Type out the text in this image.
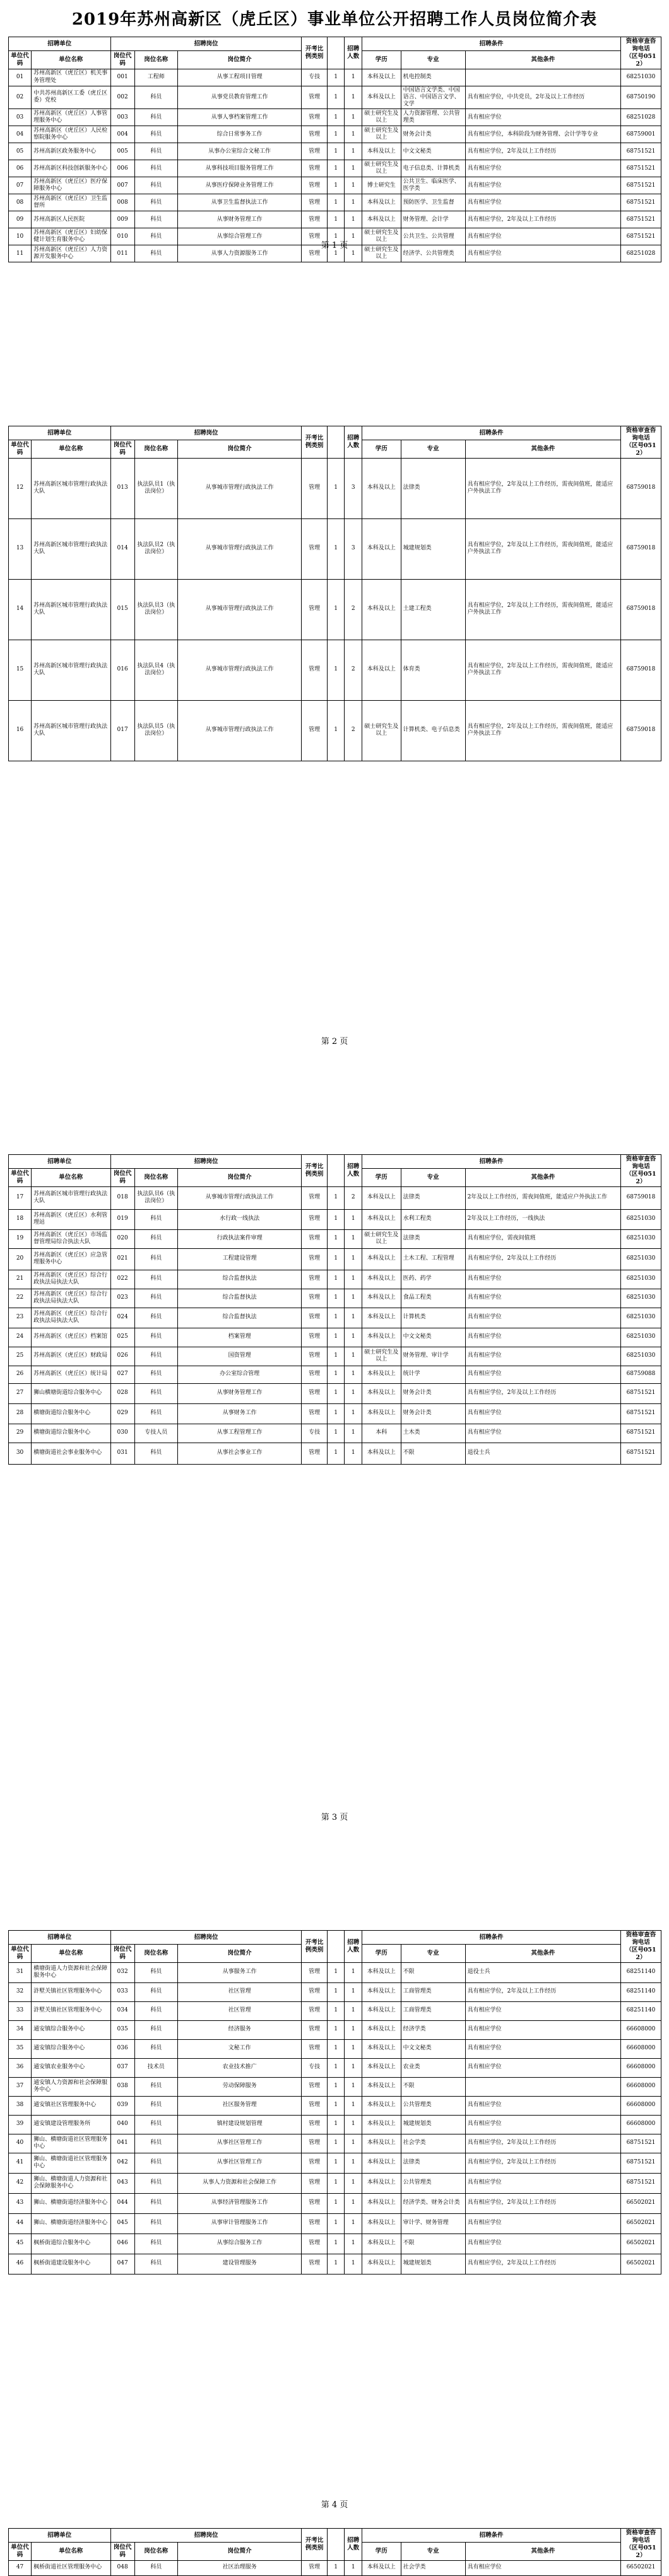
2019年苏州高新区（虎丘区）事业单位公开招聘工作人员岗位简介表
招聘单位		招聘岗位			开考比例类别		招聘人数	招聘条件			资格审查咨询电话
（区号0512）

单位代码	单位名称	岗位代码	岗位名称	岗位简介				学历	专业	其他条件	
01	苏州高新区（虎丘区）机关事务管理处	001	工程师	从事工程项目管理	专技	1	1	本科及以上	机电控制类		68251030
02	中共苏州高新区工委（虎丘区委）党校	002	科员	从事党员教育管理工作	管理	1	1	本科及以上	中国语言文学类、中国语言、中国语言文学、文学	具有相应学位，中共党员，2年及以上工作经历	68750190
03	苏州高新区（虎丘区）人事管理服务中心	003	科员	从事人事档案管理工作	管理	1	1	硕士研究生及以上	人力资源管理、公共管理类	具有相应学位	68251028
04	苏州高新区（虎丘区）人民检察院服务中心	004	科员	综合日常事务工作	管理	1	1	硕士研究生及以上	财务会计类	具有相应学位，本科阶段为财务管理、会计学等专业	68759001
05	苏州高新区政务服务中心	005	科员	从事办公室综合文秘工作	管理	1	1	本科及以上	中文文秘类	具有相应学位，2年及以上工作经历	68751521
06	苏州高新区科技创新服务中心	006	科员	从事科技项目服务管理工作	管理	1	1	硕士研究生及以上	电子信息类、计算机类	具有相应学位	68751521
07	苏州高新区（虎丘区）医疗保障服务中心	007	科员	从事医疗保障业务管理工作	管理	1	1	博士研究生	公共卫生、临床医学、医学类	具有相应学位	68751521
08	苏州高新区（虎丘区）卫生监督所	008	科员	从事卫生监督执法工作	管理	1	1	本科及以上	预防医学、卫生监督	具有相应学位	68751521
09	苏州高新区人民医院	009	科员	从事财务管理工作	管理	1	1	本科及以上	财务管理、会计学	具有相应学位，2年及以上工作经历	68751521
10	苏州高新区（虎丘区）妇幼保健计划生育服务中心	010	科员	从事综合管理工作	管理	1	1	硕士研究生及以上	公共卫生、公共管理	具有相应学位	68751521
11	苏州高新区（虎丘区）人力资源开发服务中心	011	科员	从事人力资源服务工作	管理	1	1	硕士研究生及以上	经济学、公共管理类	具有相应学位	68251028
第 1 页
招聘单位		招聘岗位			开考比例类别		招聘人数	招聘条件			资格审查咨询电话
（区号0512）

单位代码	单位名称	岗位代码	岗位名称	岗位简介				学历	专业	其他条件	
12	苏州高新区城市管理行政执法大队	013	执法队员1（执法岗位）	从事城市管理行政执法工作	管理	1	3	本科及以上	法律类	具有相应学位，2年及以上工作经历，需夜间值班，能适应户外执法工作	68759018
13	苏州高新区城市管理行政执法大队	014	执法队员2（执法岗位）	从事城市管理行政执法工作	管理	1	3	本科及以上	城建规划类	具有相应学位，2年及以上工作经历，需夜间值班，能适应户外执法工作	68759018
14	苏州高新区城市管理行政执法大队	015	执法队员3（执法岗位）	从事城市管理行政执法工作	管理	1	2	本科及以上	土建工程类	具有相应学位，2年及以上工作经历，需夜间值班，能适应户外执法工作	68759018
15	苏州高新区城市管理行政执法大队	016	执法队员4（执法岗位）	从事城市管理行政执法工作	管理	1	2	本科及以上	体育类	具有相应学位，2年及以上工作经历，需夜间值班，能适应户外执法工作	68759018
16	苏州高新区城市管理行政执法大队	017	执法队员5（执法岗位）	从事城市管理行政执法工作	管理	1	2	硕士研究生及以上	计算机类、电子信息类	具有相应学位，2年及以上工作经历，需夜间值班，能适应户外执法工作	68759018
第 2 页
招聘单位		招聘岗位			开考比例类别		招聘人数	招聘条件			资格审查咨询电话
（区号0512）

单位代码	单位名称	岗位代码	岗位名称	岗位简介				学历	专业	其他条件	
17	苏州高新区城市管理行政执法大队	018	执法队员6（执法岗位）	从事城市管理行政执法工作	管理	1	2	本科及以上	法律类	2年及以上工作经历，需夜间值班，能适应户外执法工作	68759018
18	苏州高新区（虎丘区）水利管理站	019	科员	水行政一线执法	管理	1	1	本科及以上	水利工程类	2年及以上工作经历，一线执法	68251030
19	苏州高新区（虎丘区）市场监督管理局综合执法大队	020	科员	行政执法案件审理	管理	1	1	硕士研究生及以上	法律类	具有相应学位，需夜间值班	68251030
20	苏州高新区（虎丘区）应急管理服务中心	021	科员	工程建设管理	管理	1	1	本科及以上	土木工程、工程管理	具有相应学位，2年及以上工作经历	68251030
21	苏州高新区（虎丘区）综合行政执法局执法大队	022	科员	综合监督执法	管理	1	1	本科及以上	医药、药学	具有相应学位	68251030
22	苏州高新区（虎丘区）综合行政执法局执法大队	023	科员	综合监督执法	管理	1	1	本科及以上	食品工程类	具有相应学位	68251030
23	苏州高新区（虎丘区）综合行政执法局执法大队	024	科员	综合监督执法	管理	1	1	本科及以上	计算机类	具有相应学位	68251030
24	苏州高新区（虎丘区）档案馆	025	科员	档案管理	管理	1	1	本科及以上	中文文秘类	具有相应学位	68251030
25	苏州高新区（虎丘区）财政局	026	科员	国资管理	管理	1	1	硕士研究生及以上	财务管理、审计学	具有相应学位	68251030
26	苏州高新区（虎丘区）统计局	027	科员	办公室综合管理	管理	1	1	本科及以上	统计学	具有相应学位	68759088
27	狮山横塘街道综合服务中心	028	科员	从事财务管理工作	管理	1	1	本科及以上	财务会计类	具有相应学位，2年及以上工作经历	68751521
28	横塘街道综合服务中心	029	科员	从事财务工作	管理	1	1	本科及以上	财务会计类	具有相应学位	68751521
29	横塘街道综合服务中心	030	专技人员	从事工程管理工作	专技	1	1	本科	土木类	具有相应学位	68751521
30	横塘街道社会事业服务中心	031	科员	从事社会事业工作	管理	1	1	本科及以上	不限	退役士兵	68751521
第 3 页
招聘单位		招聘岗位			开考比例类别		招聘人数	招聘条件			资格审查咨询电话
（区号0512）

单位代码	单位名称	岗位代码	岗位名称	岗位简介				学历	专业	其他条件	
31	横塘街道人力资源和社会保障服务中心	032	科员	从事服务工作	管理	1	1	本科及以上	不限	退役士兵	68251140
32	浒墅关镇社区管理服务中心	033	科员	社区管理	管理	1	1	本科及以上	工商管理类	具有相应学位，2年及以上工作经历	68251140
33	浒墅关镇社区管理服务中心	034	科员	社区管理	管理	1	1	本科及以上	工商管理类	具有相应学位	68251140
34	通安镇综合服务中心	035	科员	经济服务	管理	1	1	本科及以上	经济学类	具有相应学位	66608000
35	通安镇综合服务中心	036	科员	文秘工作	管理	1	1	本科及以上	中文文秘类	具有相应学位	66608000
36	通安镇农业服务中心	037	技术员	农业技术推广	专技	1	1	本科及以上	农业类	具有相应学位	66608000
37	通安镇人力资源和社会保障服务中心	038	科员	劳动保障服务	管理	1	1	本科及以上	不限		66608000
38	通安镇社区管理服务中心	039	科员	社区服务管理	管理	1	1	本科及以上	公共管理类	具有相应学位	66608000
39	通安镇建设管理服务所	040	科员	镇村建设规划管理	管理	1	1	本科及以上	城建规划类	具有相应学位	66608000
40	狮山、横塘街道社区管理服务中心	041	科员	从事社区管理工作	管理	1	1	本科及以上	社会学类	具有相应学位，2年及以上工作经历	68751521
41	狮山、横塘街道社区管理服务中心	042	科员	从事社区管理工作	管理	1	1	本科及以上	法律类	具有相应学位，2年及以上工作经历	68751521
42	狮山、横塘街道人力资源和社会保障服务中心	043	科员	从事人力资源和社会保障工作	管理	1	1	本科及以上	公共管理类	具有相应学位	68751521
43	狮山、横塘街道经济服务中心	044	科员	从事经济管理服务工作	管理	1	1	本科及以上	经济学类、财务会计类	具有相应学位，2年及以上工作经历	66502021
44	狮山、横塘街道经济服务中心	045	科员	从事审计管理服务工作	管理	1	1	本科及以上	审计学、财务管理	具有相应学位	66502021
45	枫桥街道综合服务中心	046	科员	从事综合服务工作	管理	1	1	本科及以上	不限	具有相应学位	66502021
46	枫桥街道建设服务中心	047	科员	建设管理服务	管理	1	1	本科及以上	城建规划类	具有相应学位，2年及以上工作经历	66502021
第 4 页
招聘单位		招聘岗位			开考比例类别		招聘人数	招聘条件			资格审查咨询电话
（区号0512）

单位代码	单位名称	岗位代码	岗位名称	岗位简介				学历	专业	其他条件	
47	枫桥街道社区管理服务中心	048	科员	社区治理服务	管理	1	1	本科及以上	社会学类	具有相应学位	66502021
